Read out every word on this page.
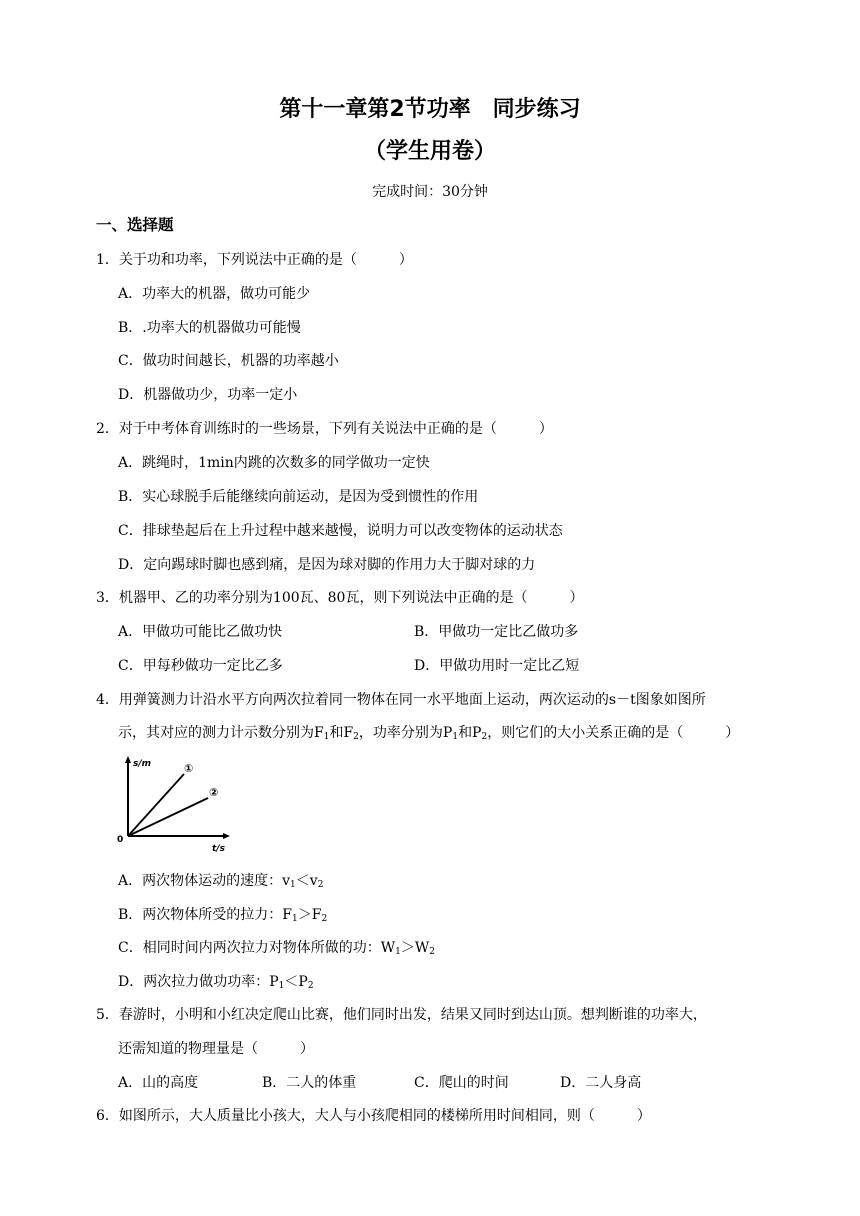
第十一章第2节功率　同步练习
（学生用卷）
完成时间：30分钟
一、选择题
1．关于功和功率，下列说法中正确的是（　　　）
A．功率大的机器，做功可能少
B．.功率大的机器做功可能慢
C．做功时间越长，机器的功率越小
D．机器做功少，功率一定小
2．对于中考体育训练时的一些场景，下列有关说法中正确的是（　　　）
A．跳绳时，1min内跳的次数多的同学做功一定快
B．实心球脱手后能继续向前运动，是因为受到惯性的作用
C．排球垫起后在上升过程中越来越慢，说明力可以改变物体的运动状态
D．定向踢球时脚也感到痛，是因为球对脚的作用力大于脚对球的力
3．机器甲、乙的功率分别为100瓦、80瓦，则下列说法中正确的是（　　　）
A．甲做功可能比乙做功快	B．甲做功一定比乙做功多
C．甲每秒做功一定比乙多	D．甲做功用时一定比乙短
4．用弹簧测力计沿水平方向两次拉着同一物体在同一水平地面上运动，两次运动的s－t图象如图所
示，其对应的测力计示数分别为$F_1$和$F_2$，功率分别为$P_1$和$P_2$，则它们的大小关系正确的是（　　　）
s/m
t/s
0
①
②
A．两次物体运动的速度：$v_1<v_2$
B．两次物体所受的拉力：$F_1>F_2$
C．相同时间内两次拉力对物体所做的功：$W_1>W_2$
D．两次拉力做功功率：$P_1<P_2$
5．春游时，小明和小红决定爬山比赛，他们同时出发，结果又同时到达山顶。想判断谁的功率大，
还需知道的物理量是（　　　）
A．山的高度	B．二人的体重	C．爬山的时间	D．二人身高
6．如图所示，大人质量比小孩大，大人与小孩爬相同的楼梯所用时间相同，则（　　　）
